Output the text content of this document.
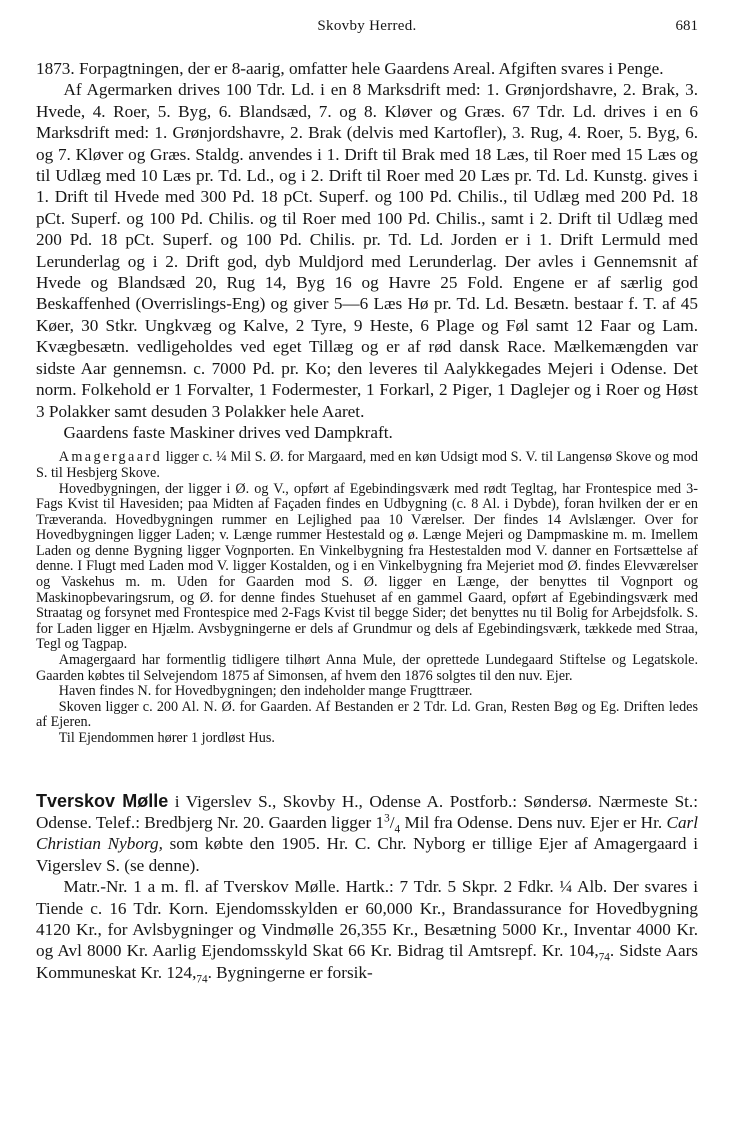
Skovby Herred.	681

1873. Forpagtningen, der er 8-aarig, omfatter hele Gaardens Areal. Afgiften svares i Penge.

Af Agermarken drives 100 Tdr. Ld. i en 8 Marksdrift med: 1. Grønjordshavre, 2. Brak, 3. Hvede, 4. Roer, 5. Byg, 6. Blandsæd, 7. og 8. Kløver og Græs. 67 Tdr. Ld. drives i en 6 Marksdrift med: 1. Grønjordshavre, 2. Brak (delvis med Kartofler), 3. Rug, 4. Roer, 5. Byg, 6. og 7. Kløver og Græs. Staldg. anvendes i 1. Drift til Brak med 18 Læs, til Roer med 15 Læs og til Udlæg med 10 Læs pr. Td. Ld., og i 2. Drift til Roer med 20 Læs pr. Td. Ld. Kunstg. gives i 1. Drift til Hvede med 300 Pd. 18 pCt. Superf. og 100 Pd. Chilis., til Udlæg med 200 Pd. 18 pCt. Superf. og 100 Pd. Chilis. og til Roer med 100 Pd. Chilis., samt i 2. Drift til Udlæg med 200 Pd. 18 pCt. Superf. og 100 Pd. Chilis. pr. Td. Ld. Jorden er i 1. Drift Lermuld med Lerunderlag og i 2. Drift god, dyb Muldjord med Lerunderlag. Der avles i Gennemsnit af Hvede og Blandsæd 20, Rug 14, Byg 16 og Havre 25 Fold. Engene er af særlig god Beskaffenhed (Overrislings-Eng) og giver 5—6 Læs Hø pr. Td. Ld. Besætn. bestaar f. T. af 45 Køer, 30 Stkr. Ungkvæg og Kalve, 2 Tyre, 9 Heste, 6 Plage og Føl samt 12 Faar og Lam. Kvægbesætn. vedligeholdes ved eget Tillæg og er af rød dansk Race. Mælkemængden var sidste Aar gennemsn. c. 7000 Pd. pr. Ko; den leveres til Aalykkegades Mejeri i Odense. Det norm. Folkehold er 1 Forvalter, 1 Fodermester, 1 Forkarl, 2 Piger, 1 Daglejer og i Roer og Høst 3 Polakker samt desuden 3 Polakker hele Aaret.

Gaardens faste Maskiner drives ved Dampkraft.

Amagergaard ligger c. ¼ Mil S. Ø. for Margaard, med en køn Udsigt mod S. V. til Langensø Skove og mod S. til Hesbjerg Skove.

Hovedbygningen, der ligger i Ø. og V., opført af Egebindingsværk med rødt Tegltag, har Frontespice med 3-Fags Kvist til Havesiden; paa Midten af Façaden findes en Udbygning (c. 8 Al. i Dybde), foran hvilken der er en Træveranda. Hovedbygningen rummer en Lejlighed paa 10 Værelser. Der findes 14 Avlslænger. Over for Hovedbygningen ligger Laden; v. Længe rummer Hestestald og ø. Længe Mejeri og Dampmaskine m. m. Imellem Laden og denne Bygning ligger Vognporten. En Vinkelbygning fra Hestestalden mod V. danner en Fortsættelse af denne. I Flugt med Laden mod V. ligger Kostalden, og i en Vinkelbygning fra Mejeriet mod Ø. findes Elevværelser og Vaskehus m. m. Uden for Gaarden mod S. Ø. ligger en Længe, der benyttes til Vognport og Maskinopbevaringsrum, og Ø. for denne findes Stuehuset af en gammel Gaard, opført af Egebindingsværk med Straatag og forsynet med Frontespice med 2-Fags Kvist til begge Sider; det benyttes nu til Bolig for Arbejdsfolk. S. for Laden ligger en Hjælm. Avsbygningerne er dels af Grundmur og dels af Egebindingsværk, tækkede med Straa, Tegl og Tagpap.

Amagergaard har formentlig tidligere tilhørt Anna Mule, der oprettede Lundegaard Stiftelse og Legatskole. Gaarden købtes til Selvejendom 1875 af Simonsen, af hvem den 1876 solgtes til den nuv. Ejer.

Haven findes N. for Hovedbygningen; den indeholder mange Frugttræer.

Skoven ligger c. 200 Al. N. Ø. for Gaarden. Af Bestanden er 2 Tdr. Ld. Gran, Resten Bøg og Eg. Driften ledes af Ejeren.

Til Ejendommen hører 1 jordløst Hus.

Tverskov Mølle i Vigerslev S., Skovby H., Odense A. Postforb.: Søndersø. Nærmeste St.: Odense. Telef.: Bredbjerg Nr. 20. Gaarden ligger $1^3/_4$ Mil fra Odense. Dens nuv. Ejer er Hr. Carl Christian Nyborg, som købte den 1905. Hr. C. Chr. Nyborg er tillige Ejer af Amagergaard i Vigerslev S. (se denne).

Matr.-Nr. 1 a m. fl. af Tverskov Mølle. Hartk.: 7 Tdr. 5 Skpr. 2 Fdkr. ¼ Alb. Der svares i Tiende c. 16 Tdr. Korn. Ejendomsskylden er 60,000 Kr., Brandassurance for Hovedbygning 4120 Kr., for Avlsbygninger og Vindmølle 26,355 Kr., Besætning 5000 Kr., Inventar 4000 Kr. og Avl 8000 Kr. Aarlig Ejendomsskyld Skat 66 Kr. Bidrag til Amtsrepf. Kr. $104,_{74}$. Sidste Aars Kommuneskat Kr. $124,_{74}$. Bygningerne er forsik-
